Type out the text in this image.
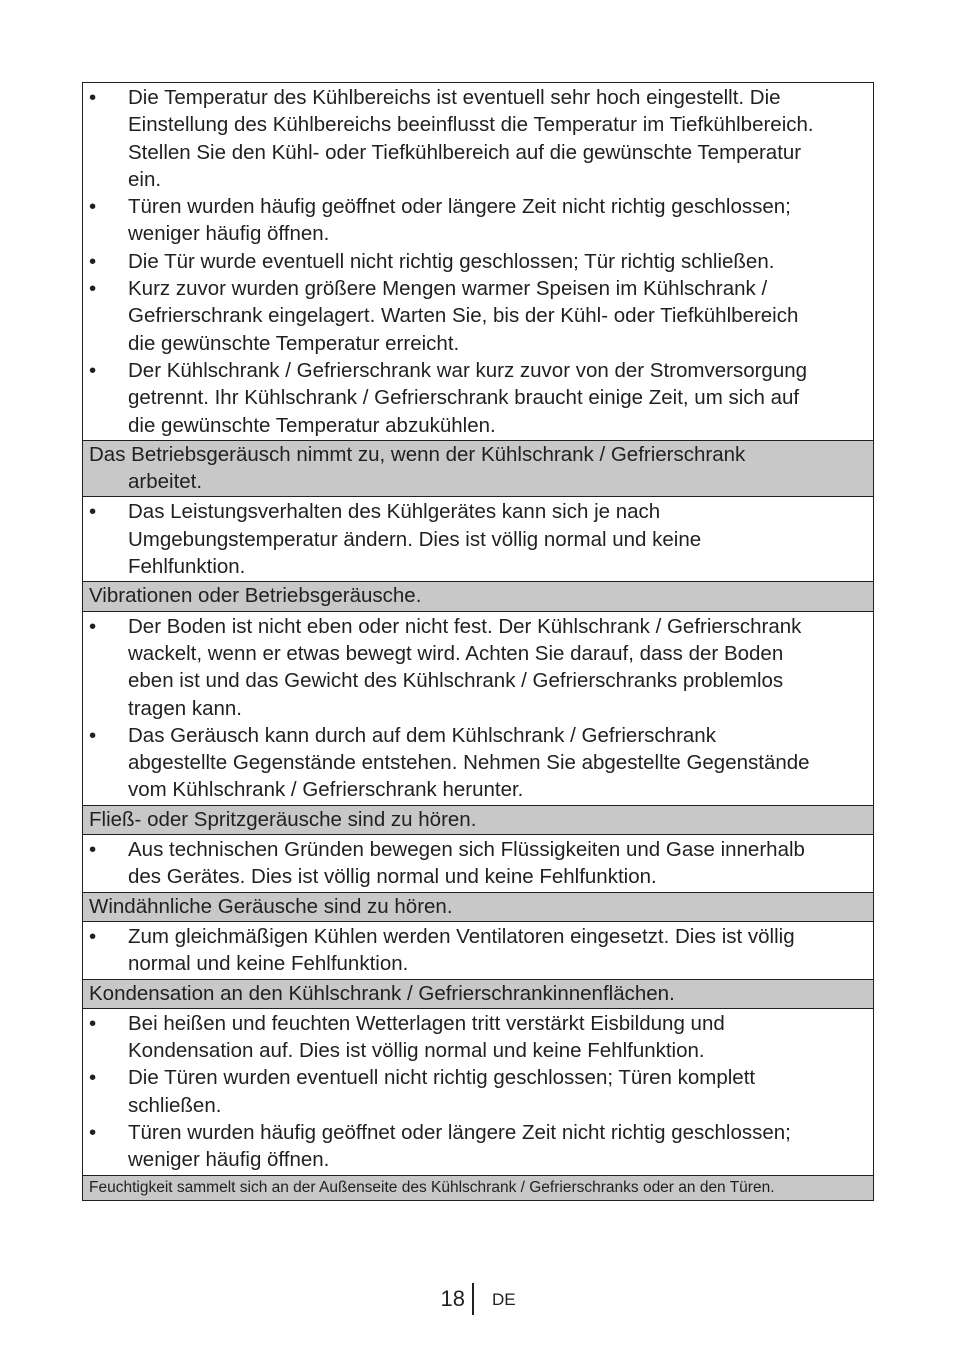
•	Die Temperatur des Kühlbereichs ist eventuell sehr hoch eingestellt. Die
Einstellung des Kühlbereichs beeinflusst die Temperatur im Tiefkühlbereich.
Stellen Sie den Kühl- oder Tiefkühlbereich auf die gewünschte Temperatur
ein.
•	Türen wurden häufig geöffnet oder längere Zeit nicht richtig geschlossen;
weniger häufig öffnen.
•	Die Tür wurde eventuell nicht richtig geschlossen; Tür richtig schließen.
•	Kurz zuvor wurden größere Mengen warmer Speisen im Kühlschrank /
Gefrierschrank eingelagert. Warten Sie, bis der Kühl- oder Tiefkühlbereich
die gewünschte Temperatur erreicht.
•	Der Kühlschrank / Gefrierschrank war kurz zuvor von der Stromversorgung
getrennt. Ihr Kühlschrank / Gefrierschrank braucht einige Zeit, um sich auf
die gewünschte Temperatur abzukühlen.
Das Betriebsgeräusch nimmt zu, wenn der Kühlschrank / Gefrierschrank
arbeitet.
•	Das Leistungsverhalten des Kühlgerätes kann sich je nach
Umgebungstemperatur ändern. Dies ist völlig normal und keine
Fehlfunktion.
Vibrationen oder Betriebsgeräusche.
•	Der Boden ist nicht eben oder nicht fest. Der Kühlschrank / Gefrierschrank
wackelt, wenn er etwas bewegt wird. Achten Sie darauf, dass der Boden
eben ist und das Gewicht des Kühlschrank / Gefrierschranks problemlos
tragen kann.
•	Das Geräusch kann durch auf dem Kühlschrank / Gefrierschrank
abgestellte Gegenstände entstehen. Nehmen Sie abgestellte Gegenstände
vom Kühlschrank / Gefrierschrank herunter.
Fließ- oder Spritzgeräusche sind zu hören.
•	Aus technischen Gründen bewegen sich Flüssigkeiten und Gase innerhalb
des Gerätes. Dies ist völlig normal und keine Fehlfunktion.
Windähnliche Geräusche sind zu hören.
•	Zum gleichmäßigen Kühlen werden Ventilatoren eingesetzt. Dies ist völlig
normal und keine Fehlfunktion.
Kondensation an den Kühlschrank / Gefrierschrankinnenflächen.
•	Bei heißen und feuchten Wetterlagen tritt verstärkt Eisbildung und
Kondensation auf. Dies ist völlig normal und keine Fehlfunktion.
•	Die Türen wurden eventuell nicht richtig geschlossen; Türen komplett
schließen.
•	Türen wurden häufig geöffnet oder längere Zeit nicht richtig geschlossen;
weniger häufig öffnen.
Feuchtigkeit sammelt sich an der Außenseite des Kühlschrank / Gefrierschranks oder an den Türen.
18 DE
